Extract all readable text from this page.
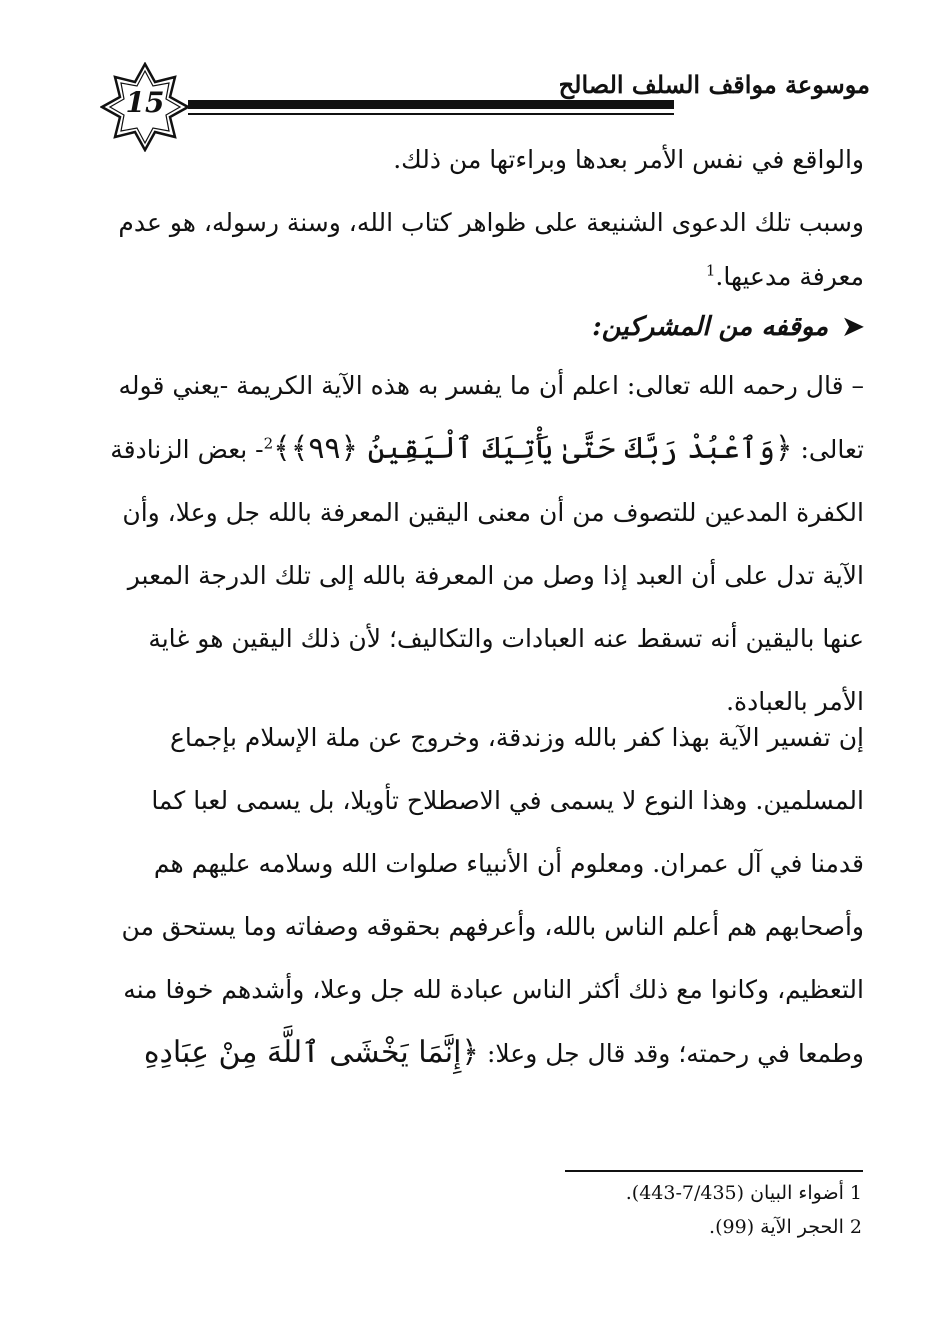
15
موسوعة مواقف السلف الصالح

والواقع في نفس الأمر بعدها وبراءتها من ذلك.

وسبب تلك الدعوى الشنيعة على ظواهر كتاب الله، وسنة رسوله، هو عدم معرفة مدعيها.$^1$

➤
موقفه من المشركين:

– قال رحمه الله تعالى: اعلم أن ما يفسر به هذه الآية الكريمة -يعني قوله تعالى: ﴿وَٱعْبُدْ رَبَّكَ حَتَّىٰ يَأْتِيَكَ ٱلْيَقِينُ ﴿٩٩﴾﴾$^2$- بعض الزنادقة الكفرة المدعين للتصوف من أن معنى اليقين المعرفة بالله جل وعلا، وأن الآية تدل على أن العبد إذا وصل من المعرفة بالله إلى تلك الدرجة المعبر عنها باليقين أنه تسقط عنه العبادات والتكاليف؛ لأن ذلك اليقين هو غاية الأمر بالعبادة.

إن تفسير الآية بهذا كفر بالله وزندقة، وخروج عن ملة الإسلام بإجماع المسلمين. وهذا النوع لا يسمى في الاصطلاح تأويلا، بل يسمى لعبا كما قدمنا في آل عمران. ومعلوم أن الأنبياء صلوات الله وسلامه عليهم هم وأصحابهم هم أعلم الناس بالله، وأعرفهم بحقوقه وصفاته وما يستحق من التعظيم، وكانوا مع ذلك أكثر الناس عبادة لله جل وعلا، وأشدهم خوفا منه وطمعا في رحمته؛ وقد قال جل وعلا: ﴿إِنَّمَا يَخْشَى ٱللَّهَ مِنْ عِبَادِهِ

1 أضواء البيان (7/435-443).

2 الحجر الآية (99).
